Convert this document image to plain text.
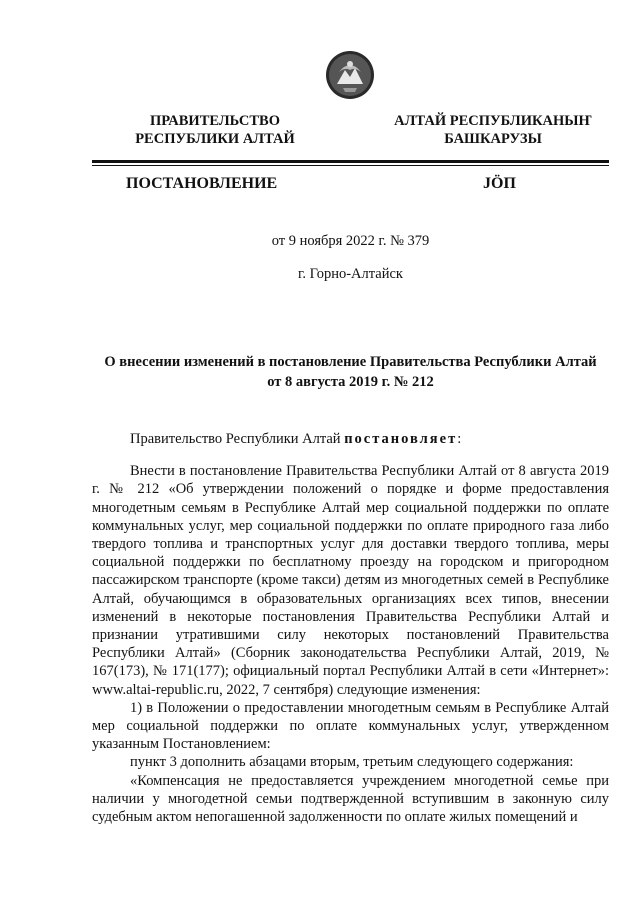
ПРАВИТЕЛЬСТВО
РЕСПУБЛИКИ АЛТАЙ
АЛТАЙ РЕСПУБЛИКАНЫҤ
БАШКАРУЗЫ
ПОСТАНОВЛЕНИЕ	JÖП
от 9 ноября 2022 г. № 379
г. Горно-Алтайск
О внесении изменений в постановление Правительства Республики Алтай
от 8 августа 2019 г. № 212

Правительство Республики Алтай постановляет:

Внести в постановление Правительства Республики Алтай от 8 августа 2019 г. № 212 «Об утверждении положений о порядке и форме предоставления многодетным семьям в Республике Алтай мер социальной поддержки по оплате коммунальных услуг, мер социальной поддержки по оплате природного газа либо твердого топлива и транспортных услуг для доставки твердого топлива, меры социальной поддержки по бесплатному проезду на городском и пригородном пассажирском транспорте (кроме такси) детям из многодетных семей в Республике Алтай, обучающимся в образовательных организациях всех типов, внесении изменений в некоторые постановления Правительства Республики Алтай и признании утратившими силу некоторых постановлений Правительства Республики Алтай» (Сборник законодательства Республики Алтай, 2019, № 167(173), № 171(177); официальный портал Республики Алтай в сети «Интернет»: www.altai-republic.ru, 2022, 7 сентября) следующие изменения:

1) в Положении о предоставлении многодетным семьям в Республике Алтай мер социальной поддержки по оплате коммунальных услуг, утвержденном указанным Постановлением:

пункт 3 дополнить абзацами вторым, третьим следующего содержания:

«Компенсация не предоставляется учреждением многодетной семье при наличии у многодетной семьи подтвержденной вступившим в законную силу судебным актом непогашенной задолженности по оплате жилых помещений и
